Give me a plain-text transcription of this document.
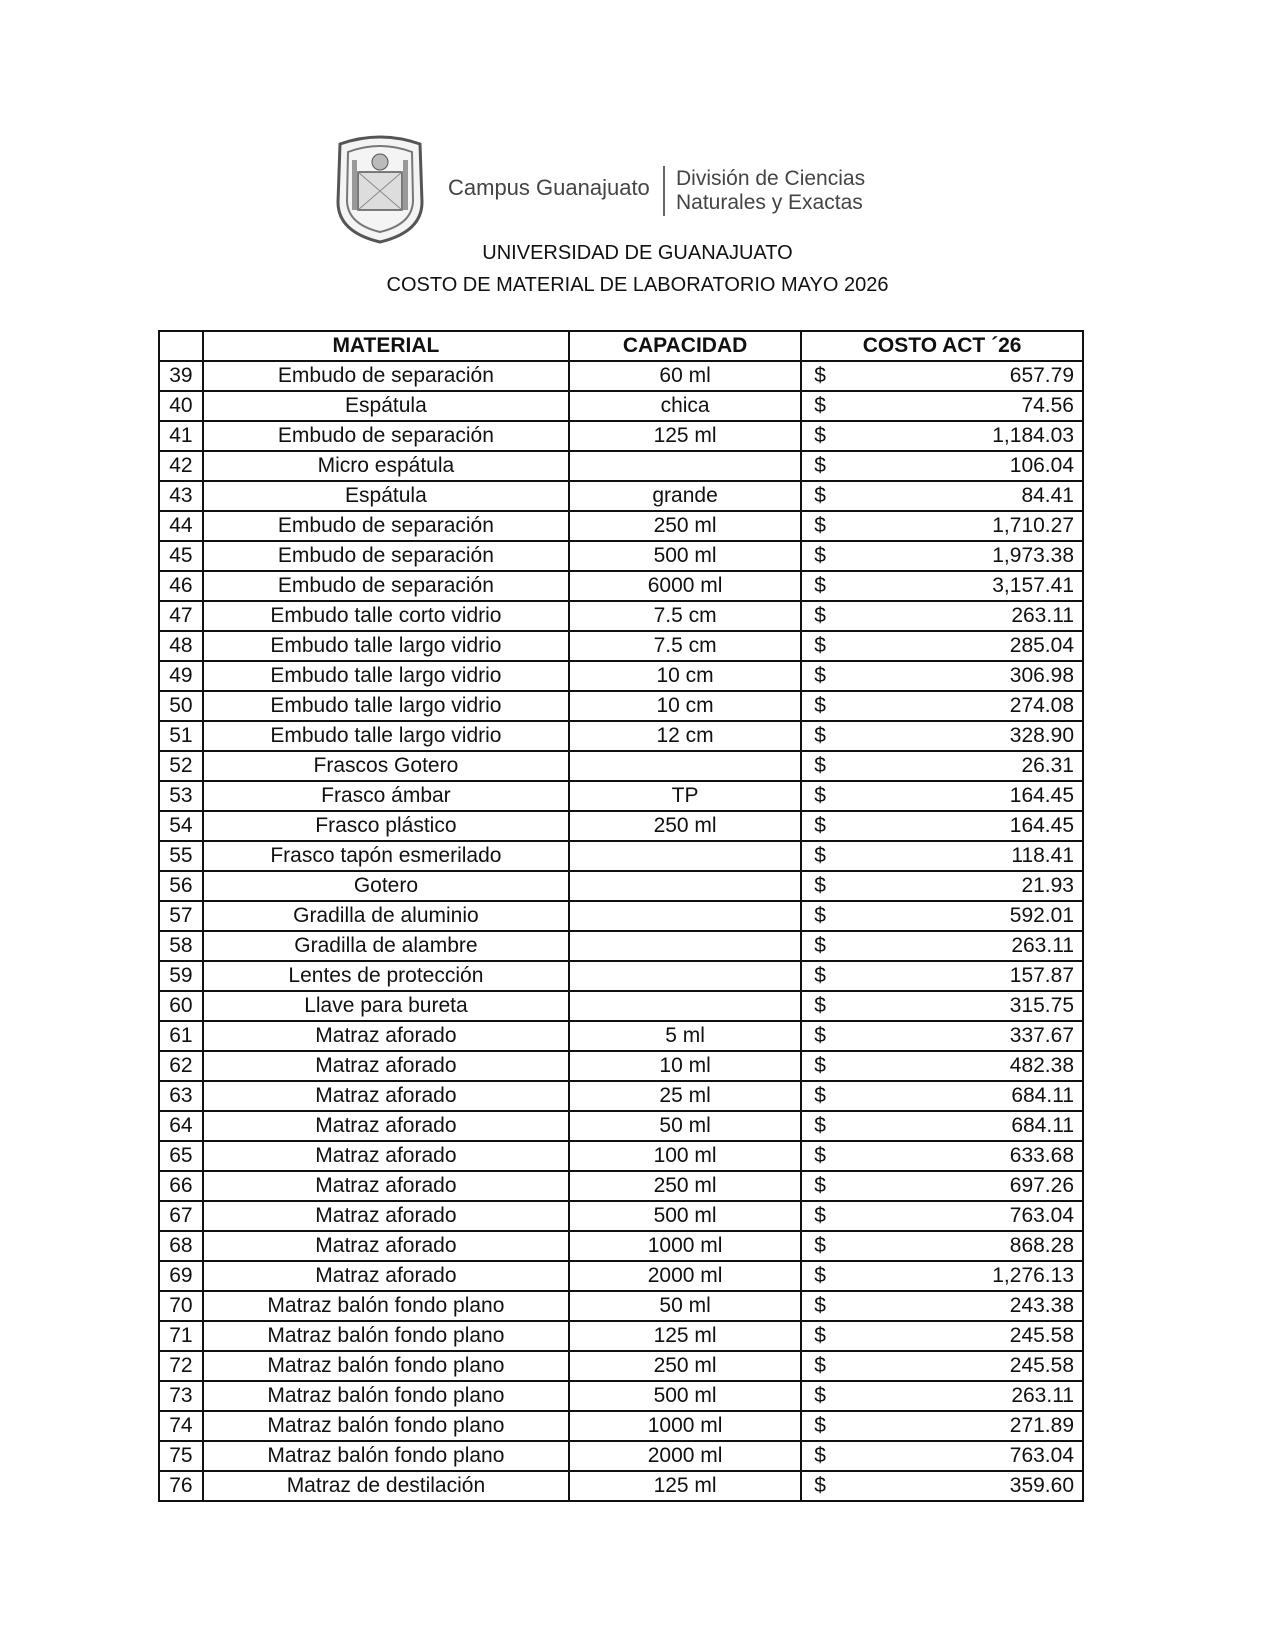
Campus Guanajuato División de Ciencias
Naturales y Exactas
UNIVERSIDAD DE GUANAJUATO
COSTO DE MATERIAL DE LABORATORIO MAYO 2026
	MATERIAL	CAPACIDAD	COSTO ACT ´26
39	Embudo de separación	60 ml	$ 657.79

40	Espátula	chica	$ 74.56

41	Embudo de separación	125 ml	$ 1,184.03

42	Micro espátula		$ 106.04

43	Espátula	grande	$ 84.41

44	Embudo de separación	250 ml	$ 1,710.27

45	Embudo de separación	500 ml	$ 1,973.38

46	Embudo de separación	6000 ml	$ 3,157.41

47	Embudo talle corto vidrio	7.5 cm	$ 263.11

48	Embudo talle largo vidrio	7.5 cm	$ 285.04

49	Embudo talle largo vidrio	10 cm	$ 306.98

50	Embudo talle largo vidrio	10 cm	$ 274.08

51	Embudo talle largo vidrio	12 cm	$ 328.90

52	Frascos Gotero		$ 26.31

53	Frasco ámbar	TP	$ 164.45

54	Frasco plástico	250 ml	$ 164.45

55	Frasco tapón esmerilado		$ 118.41

56	Gotero		$ 21.93

57	Gradilla de aluminio		$ 592.01

58	Gradilla de alambre		$ 263.11

59	Lentes de protección		$ 157.87

60	Llave para bureta		$ 315.75

61	Matraz aforado	5 ml	$ 337.67

62	Matraz aforado	10 ml	$ 482.38

63	Matraz aforado	25 ml	$ 684.11

64	Matraz aforado	50 ml	$ 684.11

65	Matraz aforado	100 ml	$ 633.68

66	Matraz aforado	250 ml	$ 697.26

67	Matraz aforado	500 ml	$ 763.04

68	Matraz aforado	1000 ml	$ 868.28

69	Matraz aforado	2000 ml	$ 1,276.13

70	Matraz balón fondo plano	50 ml	$ 243.38

71	Matraz balón fondo plano	125 ml	$ 245.58

72	Matraz balón fondo plano	250 ml	$ 245.58

73	Matraz balón fondo plano	500 ml	$ 263.11

74	Matraz balón fondo plano	1000 ml	$ 271.89

75	Matraz balón fondo plano	2000 ml	$ 763.04

76	Matraz de destilación	125 ml	$ 359.60
